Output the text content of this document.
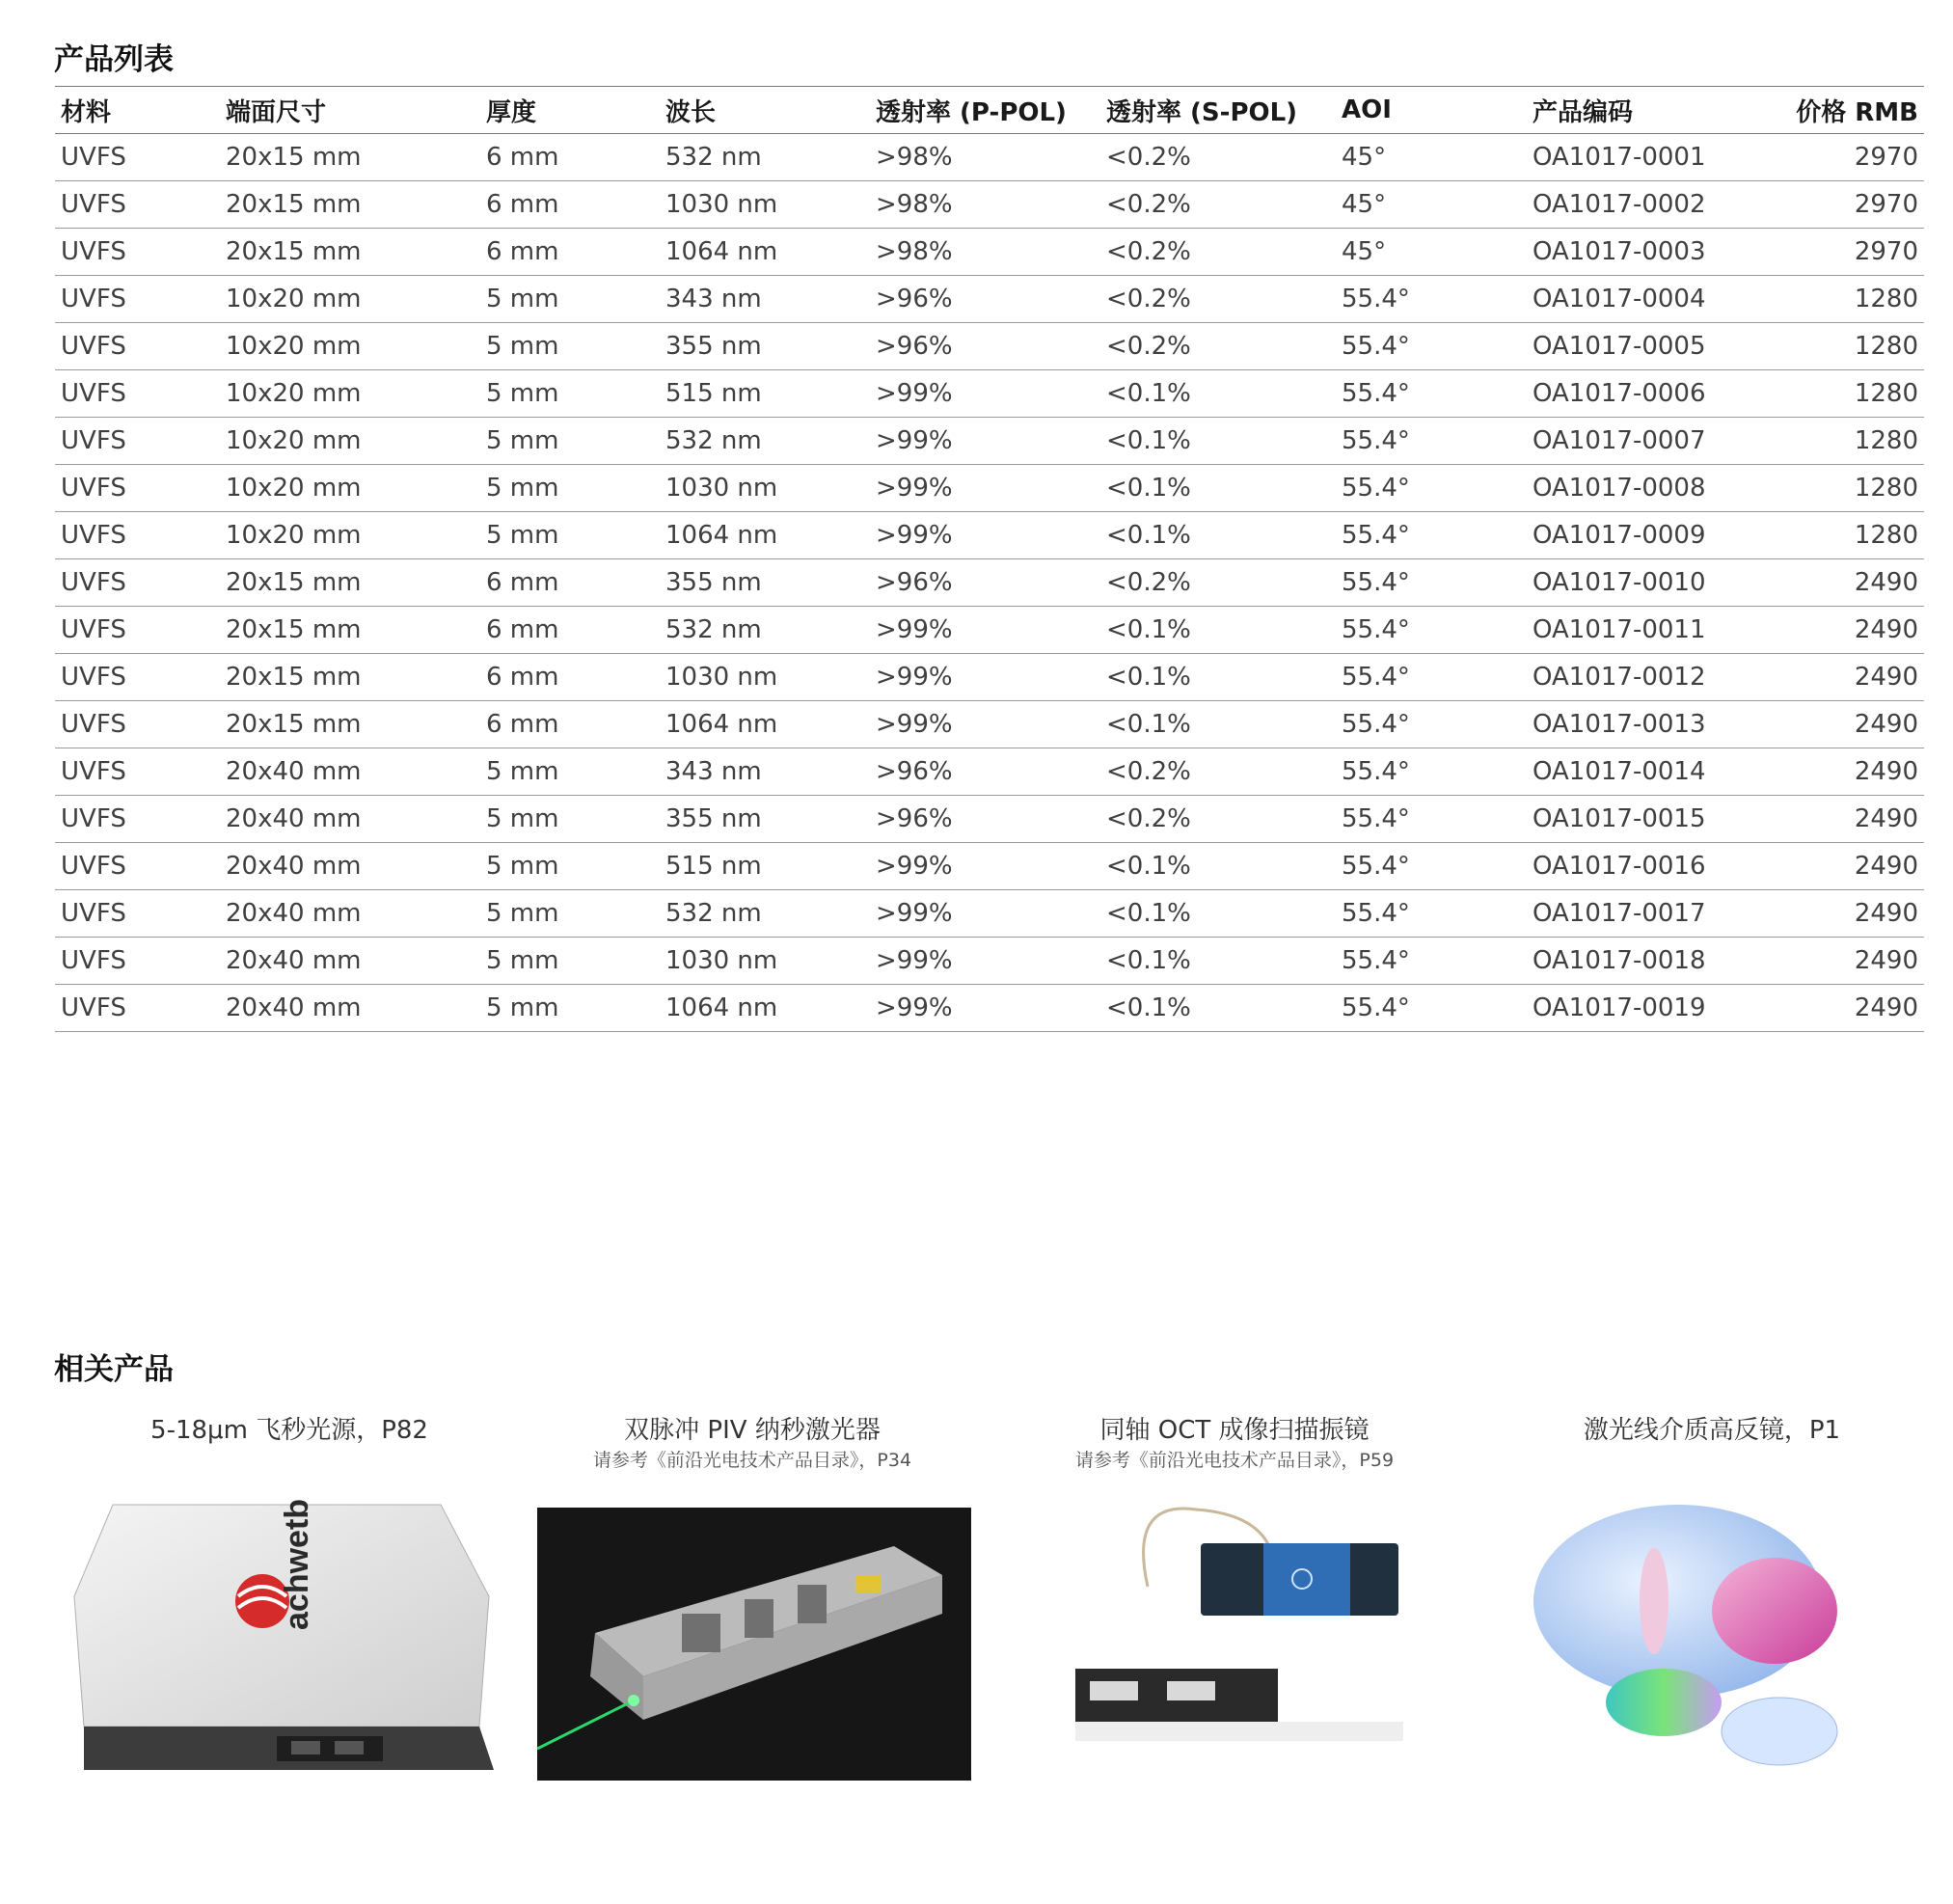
产品列表
材料	端面尺寸	厚度	波长	透射率 (P-POL)	透射率 (S-POL)	AOI	产品编码	价格 RMB
UVFS	20x15 mm	6 mm	532 nm	>98%	<0.2%	45°	OA1017-0001	2970
UVFS	20x15 mm	6 mm	1030 nm	>98%	<0.2%	45°	OA1017-0002	2970
UVFS	20x15 mm	6 mm	1064 nm	>98%	<0.2%	45°	OA1017-0003	2970
UVFS	10x20 mm	5 mm	343 nm	>96%	<0.2%	55.4°	OA1017-0004	1280
UVFS	10x20 mm	5 mm	355 nm	>96%	<0.2%	55.4°	OA1017-0005	1280
UVFS	10x20 mm	5 mm	515 nm	>99%	<0.1%	55.4°	OA1017-0006	1280
UVFS	10x20 mm	5 mm	532 nm	>99%	<0.1%	55.4°	OA1017-0007	1280
UVFS	10x20 mm	5 mm	1030 nm	>99%	<0.1%	55.4°	OA1017-0008	1280
UVFS	10x20 mm	5 mm	1064 nm	>99%	<0.1%	55.4°	OA1017-0009	1280
UVFS	20x15 mm	6 mm	355 nm	>96%	<0.2%	55.4°	OA1017-0010	2490
UVFS	20x15 mm	6 mm	532 nm	>99%	<0.1%	55.4°	OA1017-0011	2490
UVFS	20x15 mm	6 mm	1030 nm	>99%	<0.1%	55.4°	OA1017-0012	2490
UVFS	20x15 mm	6 mm	1064 nm	>99%	<0.1%	55.4°	OA1017-0013	2490
UVFS	20x40 mm	5 mm	343 nm	>96%	<0.2%	55.4°	OA1017-0014	2490
UVFS	20x40 mm	5 mm	355 nm	>96%	<0.2%	55.4°	OA1017-0015	2490
UVFS	20x40 mm	5 mm	515 nm	>99%	<0.1%	55.4°	OA1017-0016	2490
UVFS	20x40 mm	5 mm	532 nm	>99%	<0.1%	55.4°	OA1017-0017	2490
UVFS	20x40 mm	5 mm	1030 nm	>99%	<0.1%	55.4°	OA1017-0018	2490
UVFS	20x40 mm	5 mm	1064 nm	>99%	<0.1%	55.4°	OA1017-0019	2490
相关产品
5-18μm 飞秒光源，P82	双脉冲 PIV 纳秒激光器
请参考《前沿光电技术产品目录》，P34
同轴 OCT 成像扫描振镜
请参考《前沿光电技术产品目录》，P59
激光线介质高反镜，P1
achwetber
